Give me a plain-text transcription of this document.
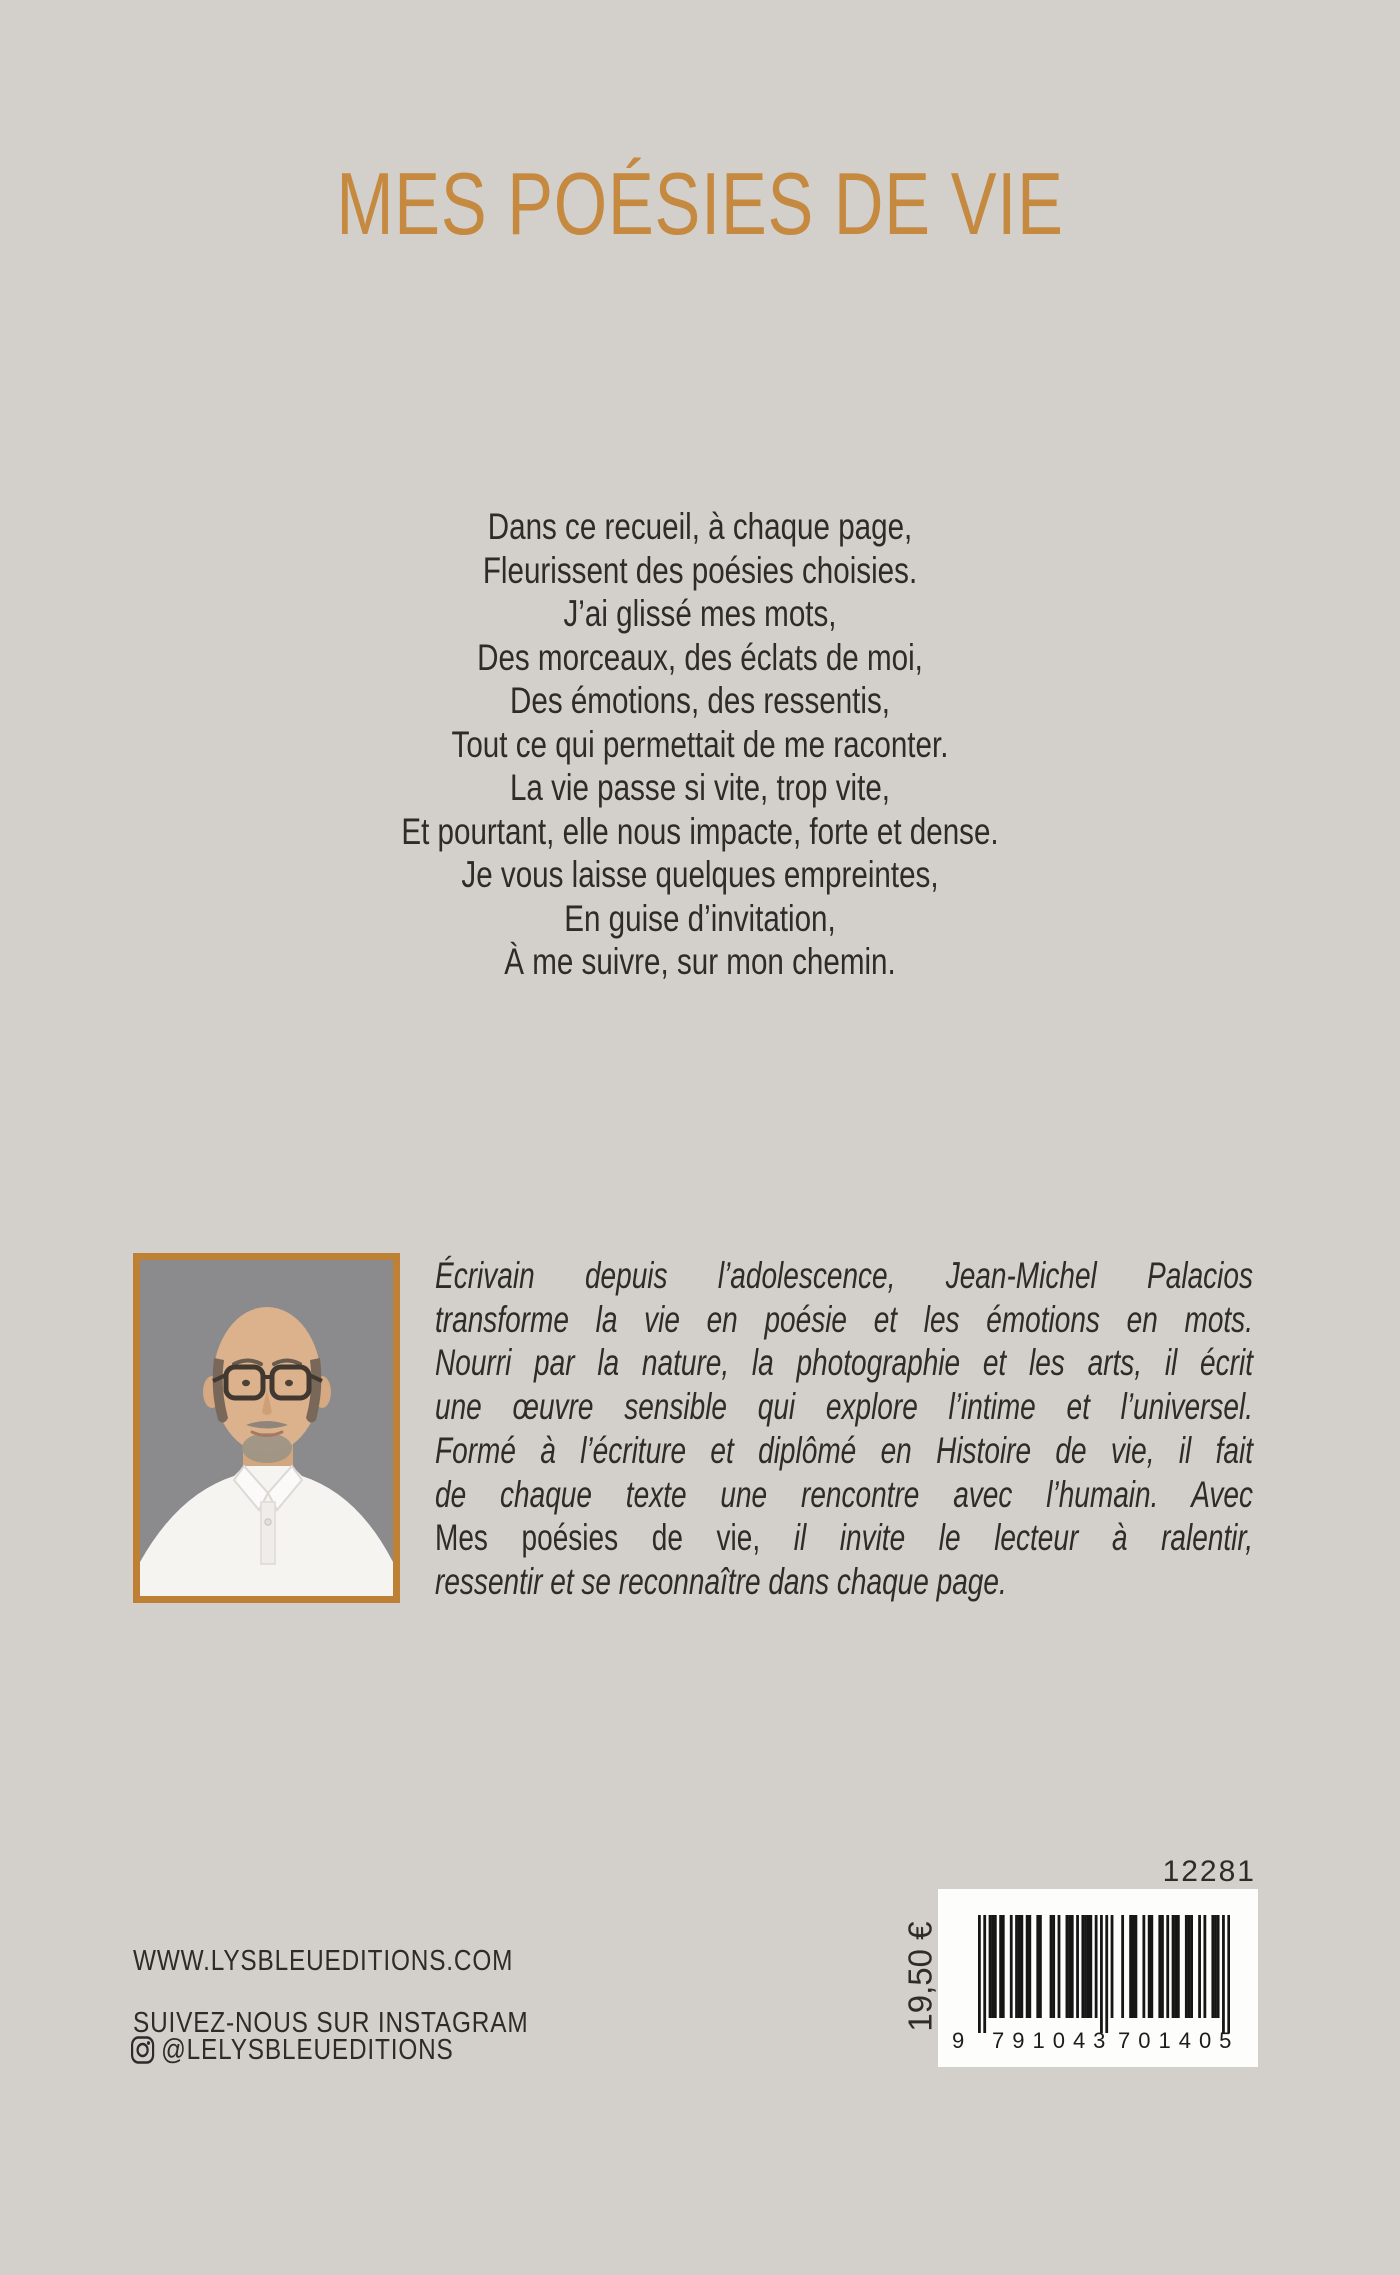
MES POÉSIES DE VIE
Dans ce recueil, à chaque page,
Fleurissent des poésies choisies.
J’ai glissé mes mots,
Des morceaux, des éclats de moi,
Des émotions, des ressentis,
Tout ce qui permettait de me raconter.
La vie passe si vite, trop vite,
Et pourtant, elle nous impacte, forte et dense.
Je vous laisse quelques empreintes,
En guise d’invitation,
À me suivre, sur mon chemin.
Écrivain depuis l’adolescence, Jean-Michel Palacios
transforme la vie en poésie et les émotions en mots.
Nourri par la nature, la photographie et les arts, il écrit
une œuvre sensible qui explore l’intime et l’universel.
Formé à l’écriture et diplômé en Histoire de vie, il fait
de chaque texte une rencontre avec l’humain. Avec
Mes poésies de vie, il invite le lecteur à ralentir,
ressentir et se reconnaître dans chaque page.
WWW.LYSBLEUEDITIONS.COM
SUIVEZ-NOUS SUR INSTAGRAM
@LELYSBLEUEDITIONS
19,50 €
12281
9 791043 701405
